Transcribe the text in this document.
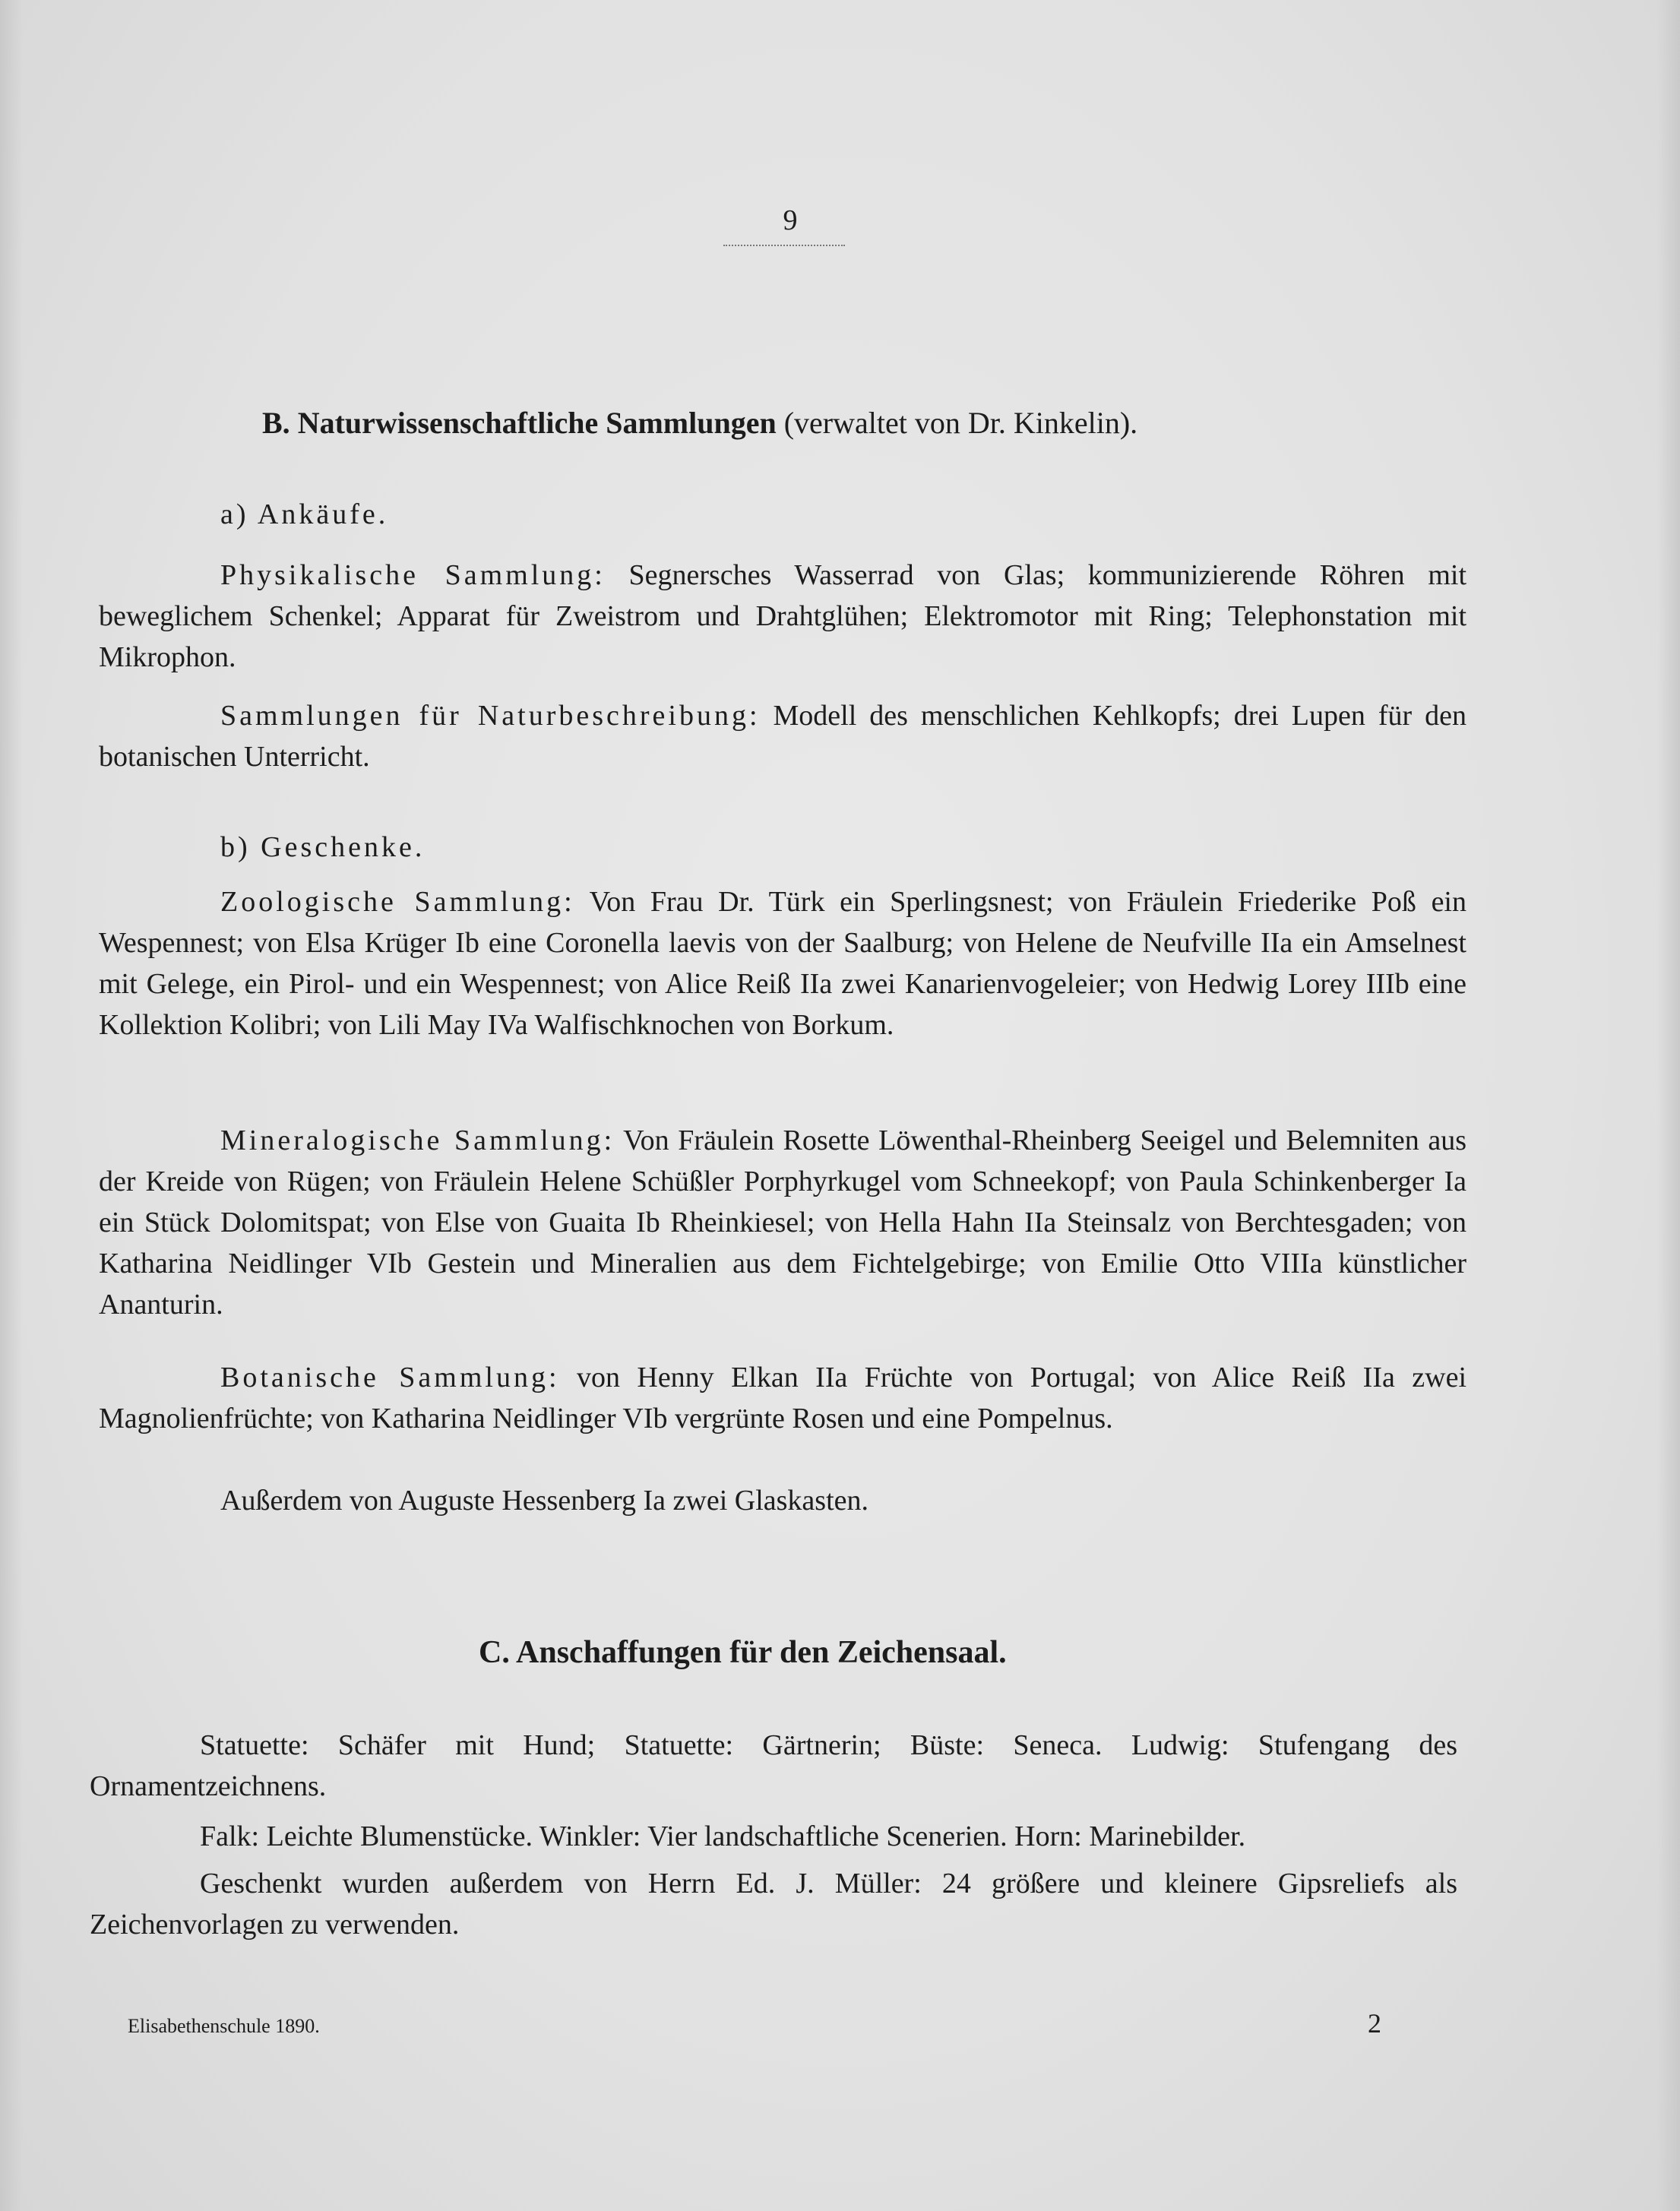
9
B. Naturwissenschaftliche Sammlungen (verwaltet von Dr. Kinkelin).
a) Ankäufe.
Physikalische Sammlung: Segnersches Wasserrad von Glas; kommunizierende Röhren mit beweglichem Schenkel; Apparat für Zweistrom und Drahtglühen; Elektromotor mit Ring; Telephonstation mit Mikrophon.
Sammlungen für Naturbeschreibung: Modell des menschlichen Kehlkopfs; drei Lupen für den botanischen Unterricht.
b) Geschenke.
Zoologische Sammlung: Von Frau Dr. Türk ein Sperlingsnest; von Fräulein Friederike Poß ein Wespennest; von Elsa Krüger Ib eine Coronella laevis von der Saalburg; von Helene de Neufville IIa ein Amselnest mit Gelege, ein Pirol- und ein Wespennest; von Alice Reiß IIa zwei Kanarienvogeleier; von Hedwig Lorey IIIb eine Kollektion Kolibri; von Lili May IVa Walfischknochen von Borkum.
Mineralogische Sammlung: Von Fräulein Rosette Löwenthal-Rheinberg Seeigel und Belemniten aus der Kreide von Rügen; von Fräulein Helene Schüßler Porphyrkugel vom Schneekopf; von Paula Schinkenberger Ia ein Stück Dolomitspat; von Else von Guaita Ib Rheinkiesel; von Hella Hahn IIa Steinsalz von Berchtesgaden; von Katharina Neidlinger VIb Gestein und Mineralien aus dem Fichtelgebirge; von Emilie Otto VIIIa künstlicher Ananturin.
Botanische Sammlung: von Henny Elkan IIa Früchte von Portugal; von Alice Reiß IIa zwei Magnolienfrüchte; von Katharina Neidlinger VIb vergrünte Rosen und eine Pompelnus.
Außerdem von Auguste Hessenberg Ia zwei Glaskasten.
C. Anschaffungen für den Zeichensaal.
Statuette: Schäfer mit Hund; Statuette: Gärtnerin; Büste: Seneca. Ludwig: Stufengang des Ornamentzeichnens.
Falk: Leichte Blumenstücke. Winkler: Vier landschaftliche Scenerien. Horn: Marinebilder.
Geschenkt wurden außerdem von Herrn Ed. J. Müller: 24 größere und kleinere Gipsreliefs als Zeichenvorlagen zu verwenden.
Elisabethenschule 1890.	2
